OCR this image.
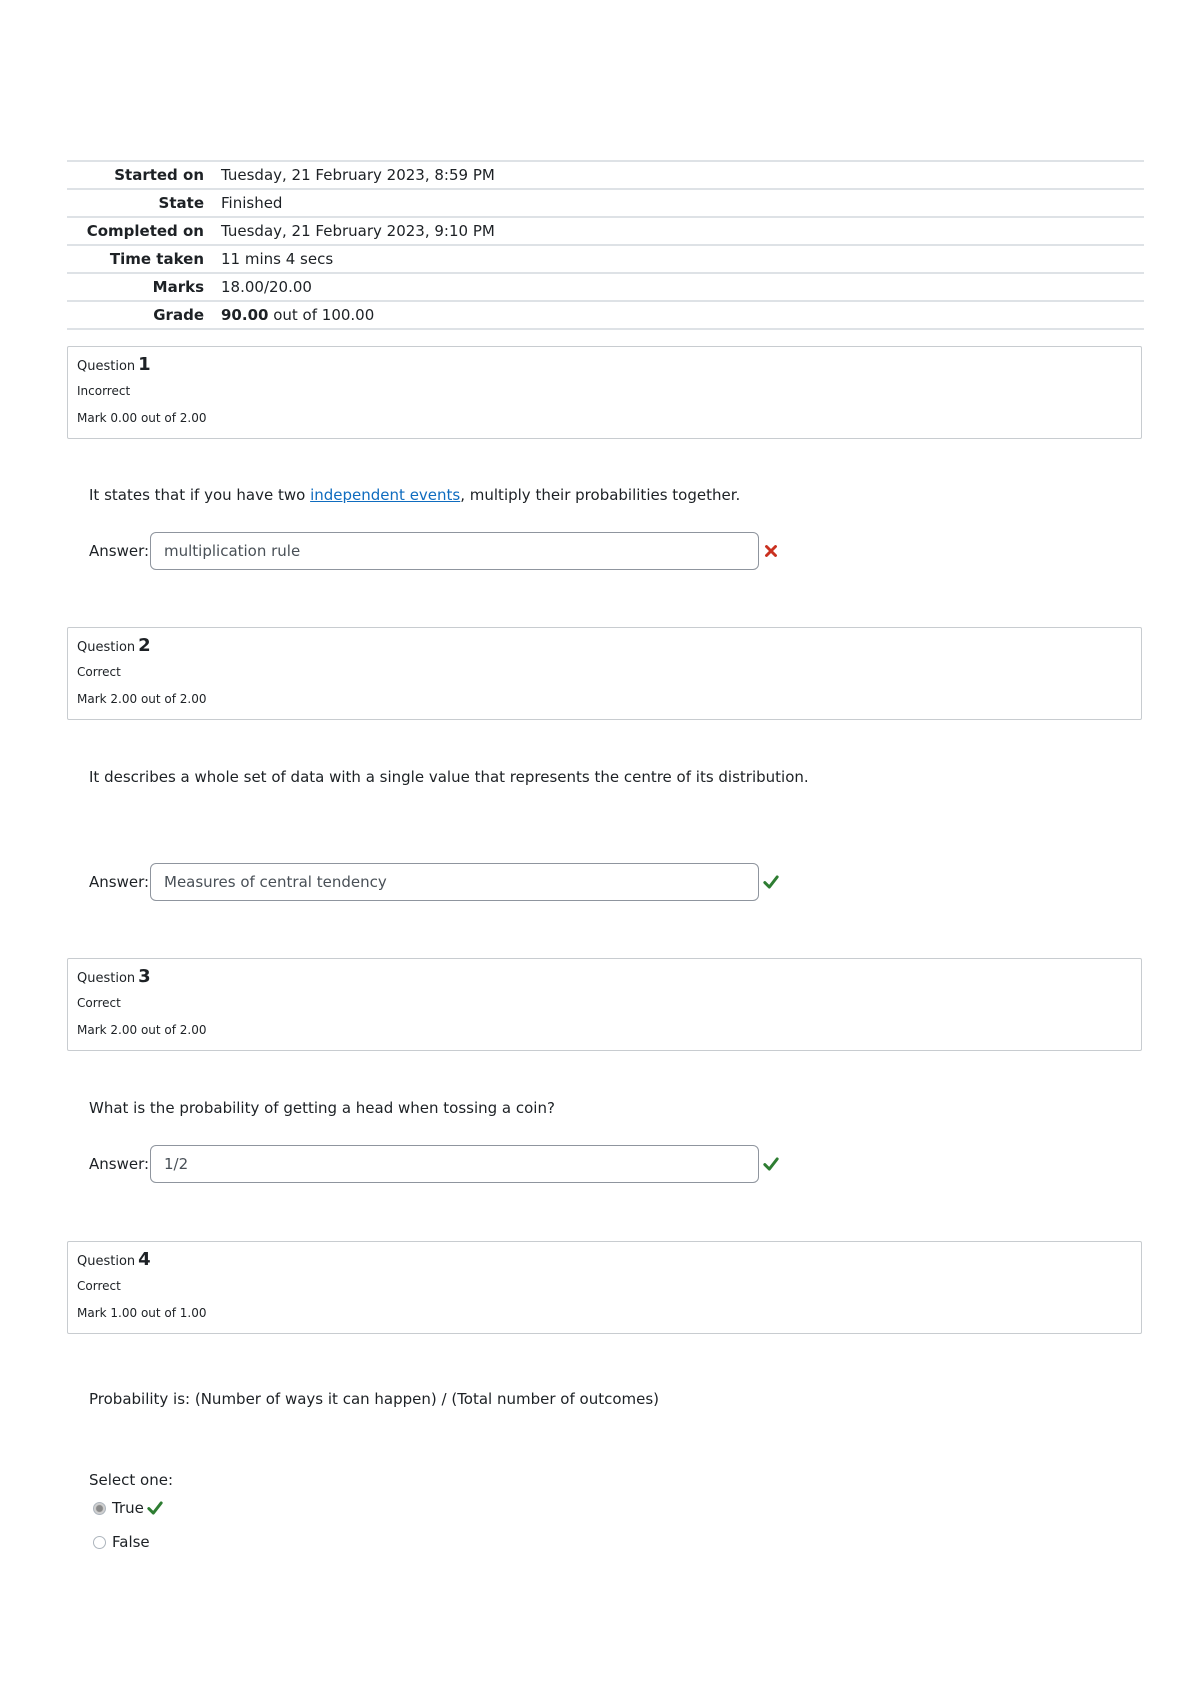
Started on	Tuesday, 21 February 2023, 8:59 PM
State	Finished
Completed on	Tuesday, 21 February 2023, 9:10 PM
Time taken	11 mins 4 secs
Marks	18.00/20.00
Grade	90.00 out of 100.00
Question 1
Incorrect
Mark 0.00 out of 2.00
It states that if you have two independent events, multiply their probabilities together.
Answer:
multiplication rule
Question 2
Correct
Mark 2.00 out of 2.00
It describes a whole set of data with a single value that represents the centre of its distribution.
Answer:
Measures of central tendency
Question 3
Correct
Mark 2.00 out of 2.00
What is the probability of getting a head when tossing a coin?
Answer:
1/2
Question 4
Correct
Mark 1.00 out of 1.00
Probability is: (Number of ways it can happen) / (Total number of outcomes)
Select one:
True
False
